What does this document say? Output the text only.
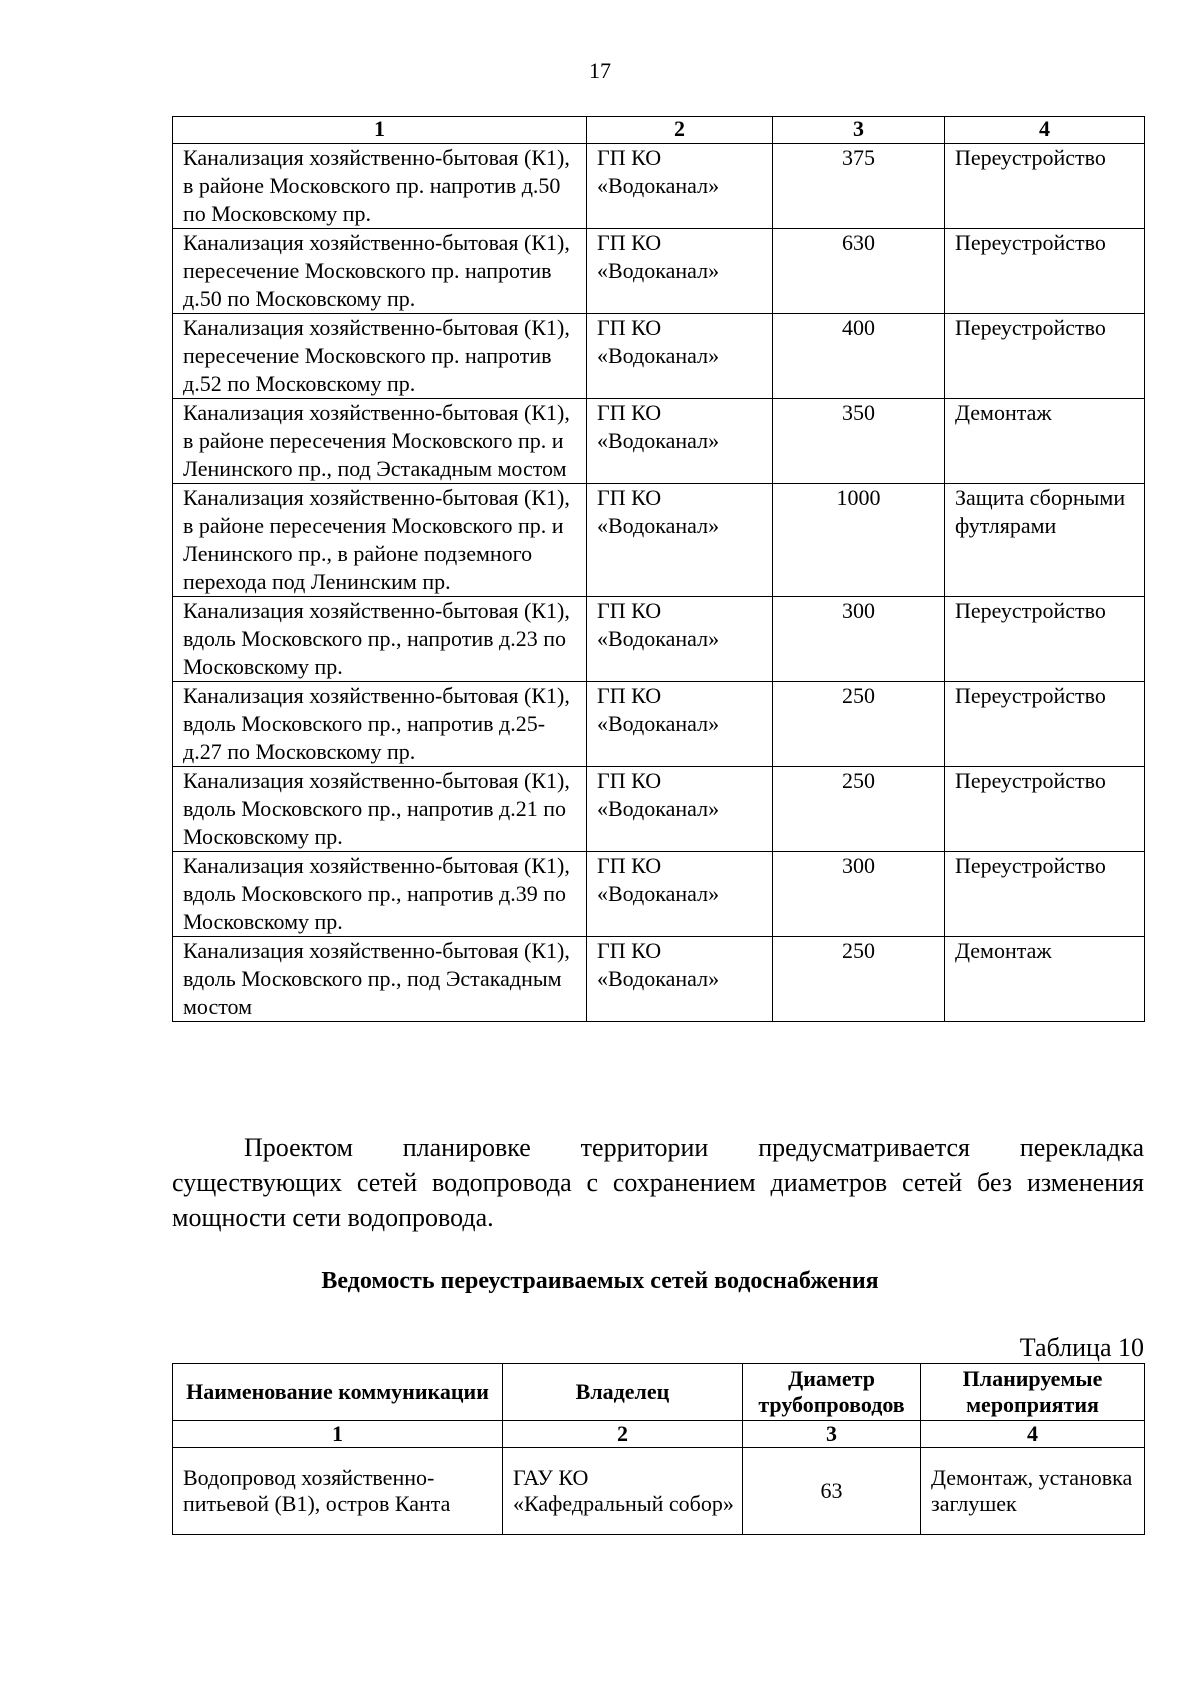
17
1	2	3	4
Канализация хозяйственно-бытовая (К1), в районе Московского пр. напротив д.50 по Московскому пр.	ГП КО «Водоканал»	375	Переустройство
Канализация хозяйственно-бытовая (К1), пересечение Московского пр. напротив д.50 по Московскому пр.	ГП КО «Водоканал»	630	Переустройство
Канализация хозяйственно-бытовая (К1), пересечение Московского пр. напротив д.52 по Московскому пр.	ГП КО «Водоканал»	400	Переустройство
Канализация хозяйственно-бытовая (К1), в районе пересечения Московского пр. и Ленинского пр., под Эстакадным мостом	ГП КО «Водоканал»	350	Демонтаж
Канализация хозяйственно-бытовая (К1), в районе пересечения Московского пр. и Ленинского пр., в районе подземного перехода под Ленинским пр.	ГП КО «Водоканал»	1000	Защита сборными футлярами
Канализация хозяйственно-бытовая (К1), вдоль Московского пр., напротив д.23 по Московскому пр.	ГП КО «Водоканал»	300	Переустройство
Канализация хозяйственно-бытовая (К1), вдоль Московского пр., напротив д.25-д.27 по Московскому пр.	ГП КО «Водоканал»	250	Переустройство
Канализация хозяйственно-бытовая (К1), вдоль Московского пр., напротив д.21 по Московскому пр.	ГП КО «Водоканал»	250	Переустройство
Канализация хозяйственно-бытовая (К1), вдоль Московского пр., напротив д.39 по Московскому пр.	ГП КО «Водоканал»	300	Переустройство
Канализация хозяйственно-бытовая (К1), вдоль Московского пр., под Эстакадным мостом	ГП КО «Водоканал»	250	Демонтаж
Проектом планировке территории предусматривается перекладка
существующих сетей водопровода с сохранением диаметров сетей без изменения мощности сети водопровода.
Ведомость переустраиваемых сетей водоснабжения
Таблица 10
Наименование коммуникации	Владелец	Диаметр трубопроводов	Планируемые мероприятия
1	2	3	4
Водопровод хозяйственно-питьевой (В1), остров Канта	ГАУ КО «Кафедральный собор»	63	Демонтаж, установка заглушек
